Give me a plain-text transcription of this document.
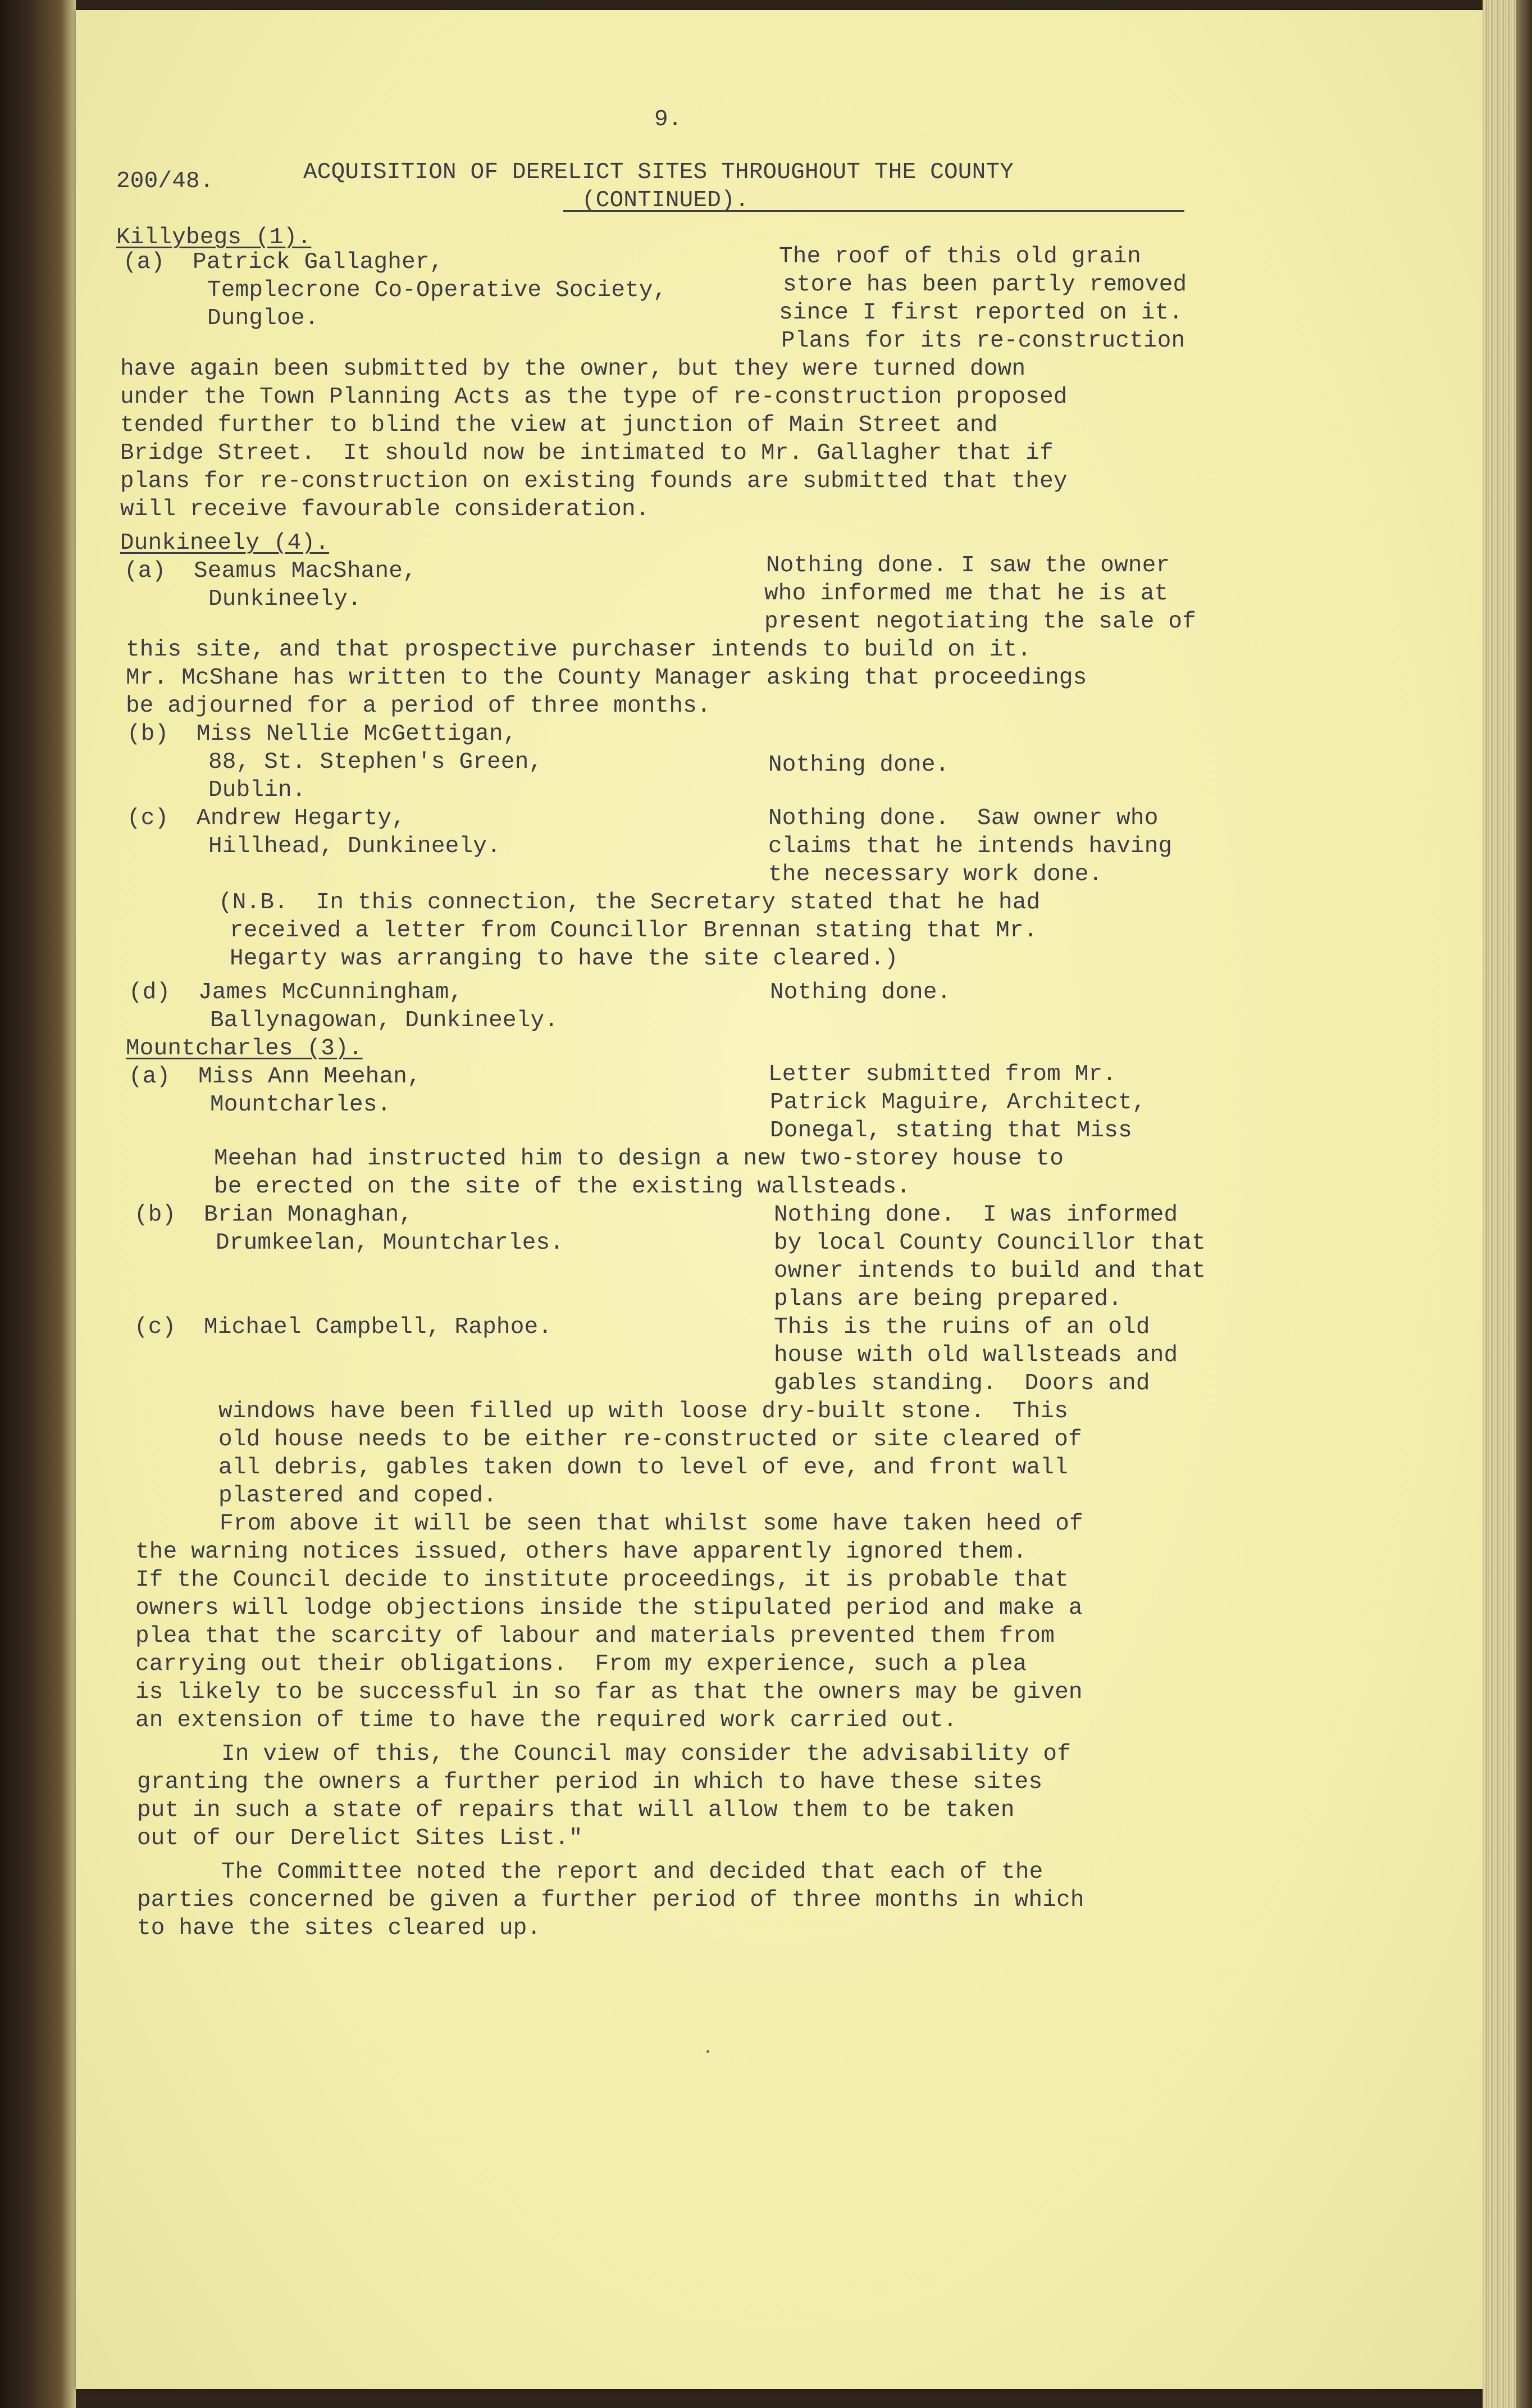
9.
200/48.	ACQUISITION OF DERELICT SITES THROUGHOUT THE COUNTY
(CONTINUED).
Killybegs (1).
(a)  Patrick Gallagher,
Templecrone Co-Operative Society,
Dungloe.
The roof of this old grain
store has been partly removed
since I first reported on it.
Plans for its re-construction
have again been submitted by the owner, but they were turned down
under the Town Planning Acts as the type of re-construction proposed
tended further to blind the view at junction of Main Street and
Bridge Street.  It should now be intimated to Mr. Gallagher that if
plans for re-construction on existing founds are submitted that they
will receive favourable consideration.
Dunkineely (4).
(a)  Seamus MacShane,
Dunkineely.
Nothing done. I saw the owner
who informed me that he is at
present negotiating the sale of
this site, and that prospective purchaser intends to build on it.
Mr. McShane has written to the County Manager asking that proceedings
be adjourned for a period of three months.
(b)  Miss Nellie McGettigan,
88, St. Stephen's Green,
Dublin.
Nothing done.
(c)  Andrew Hegarty,
Hillhead, Dunkineely.
Nothing done.  Saw owner who
claims that he intends having
the necessary work done.
(N.B.  In this connection, the Secretary stated that he had
received a letter from Councillor Brennan stating that Mr.
Hegarty was arranging to have the site cleared.)
(d)  James McCunningham,
Ballynagowan, Dunkineely.
Nothing done.
Mountcharles (3).
(a)  Miss Ann Meehan,
Mountcharles.
Letter submitted from Mr.
Patrick Maguire, Architect,
Donegal, stating that Miss
Meehan had instructed him to design a new two-storey house to
be erected on the site of the existing wallsteads.
(b)  Brian Monaghan,
Drumkeelan, Mountcharles.
Nothing done.  I was informed
by local County Councillor that
owner intends to build and that
plans are being prepared.
(c)  Michael Campbell, Raphoe.	This is the ruins of an old
house with old wallsteads and
gables standing.  Doors and
windows have been filled up with loose dry-built stone.  This
old house needs to be either re-constructed or site cleared of
all debris, gables taken down to level of eve, and front wall
plastered and coped.
From above it will be seen that whilst some have taken heed of
the warning notices issued, others have apparently ignored them.
If the Council decide to institute proceedings, it is probable that
owners will lodge objections inside the stipulated period and make a
plea that the scarcity of labour and materials prevented them from
carrying out their obligations.  From my experience, such a plea
is likely to be successful in so far as that the owners may be given
an extension of time to have the required work carried out.
In view of this, the Council may consider the advisability of
granting the owners a further period in which to have these sites
put in such a state of repairs that will allow them to be taken
out of our Derelict Sites List."
The Committee noted the report and decided that each of the
parties concerned be given a further period of three months in which
to have the sites cleared up.
